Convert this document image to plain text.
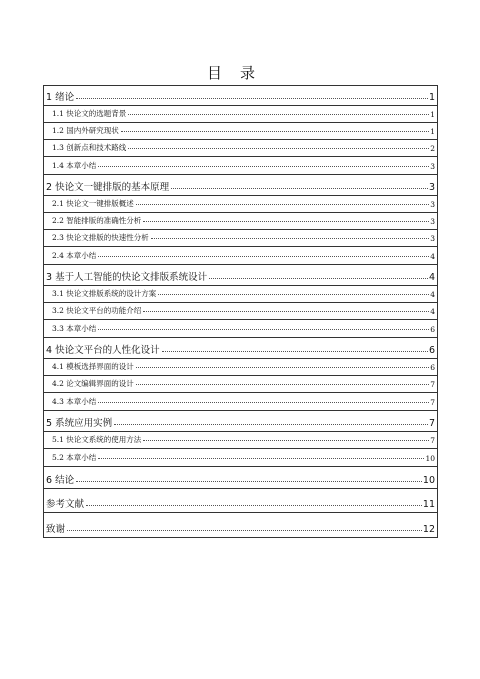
目录
1 绪论	1
1.1 快论文的选题背景	1
1.2 国内外研究现状	1
1.3 创新点和技术路线	2
1.4 本章小结	3
2 快论文一键排版的基本原理	3
2.1 快论文一键排版概述	3
2.2 智能排版的准确性分析	3
2.3 快论文排版的快速性分析	3
2.4 本章小结	4
3 基于人工智能的快论文排版系统设计	4
3.1 快论文排版系统的设计方案	4
3.2 快论文平台的功能介绍	4
3.3 本章小结	6
4 快论文平台的人性化设计	6
4.1 模板选择界面的设计	6
4.2 论文编辑界面的设计	7
4.3 本章小结	7
5 系统应用实例	7
5.1 快论文系统的使用方法	7
5.2 本章小结	10
6 结论	10
参考文献	11
致谢	12
